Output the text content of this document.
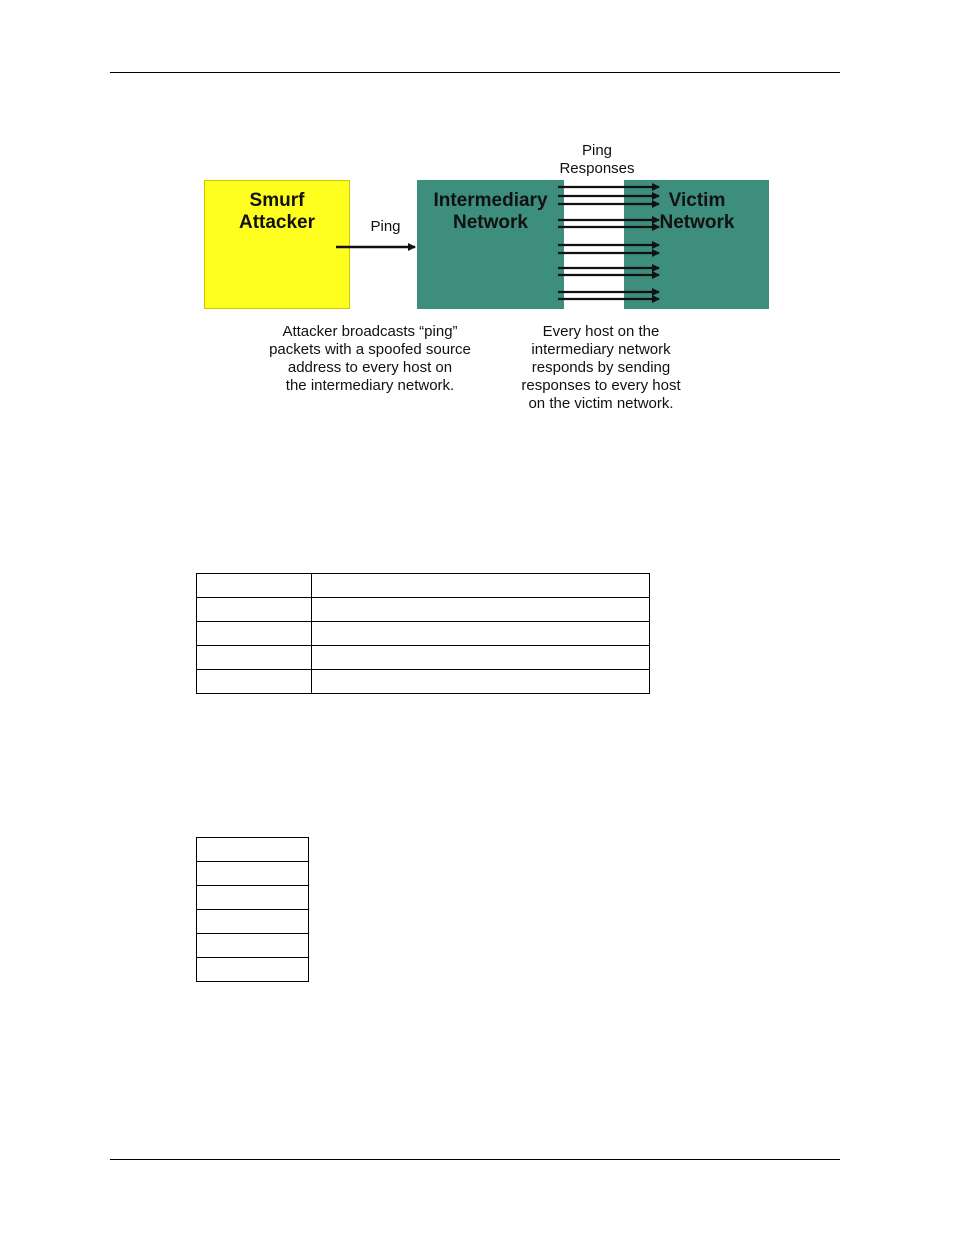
Smurf
Attacker
Intermediary
Network
Victim
Network
Ping
Ping
Responses
Attacker broadcasts “ping”
packets with a spoofed source
address to every host on
the intermediary network.
Every host on the
intermediary network
responds by sending
responses to every host
on the victim network.
